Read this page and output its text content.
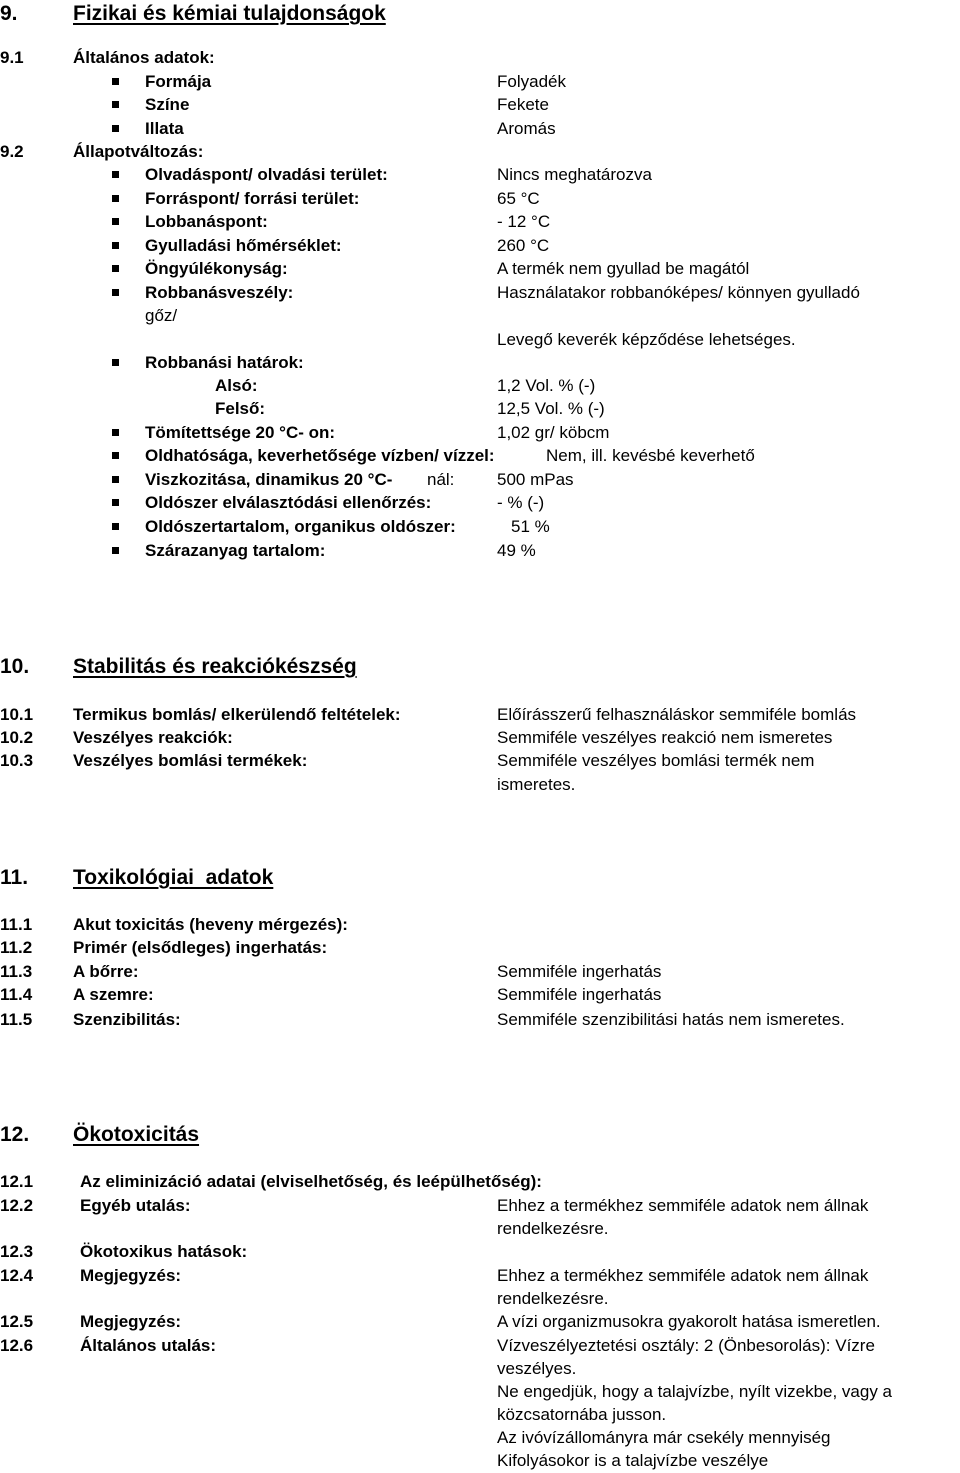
9.	Fizikai és kémiai tulajdonságok
9.1	Általános adatok:
Formája	Folyadék
Színe	Fekete
Illata	Aromás
9.2	Állapotváltozás:
Olvadáspont/ olvadási terület:	Nincs meghatározva
Forráspont/ forrási terület:	65 °C
Lobbanáspont:	- 12 °C
Gyulladási hőmérséklet:	260 °C
Öngyúlékonyság:	A termék nem gyullad be magától
Robbanásveszély:	Használatakor robbanóképes/ könnyen gyulladó
gőz/
Levegő keverék képződése lehetséges.
Robbanási határok:
Alsó:	1,2 Vol. % (-)
Felső:	12,5 Vol. % (-)
Tömítettsége 20 °C- on:	1,02 gr/ köbcm
Oldhatósága, keverhetősége vízben/ vízzel:	Nem, ill. kevésbé keverhető
Viszkozitása, dinamikus 20 °C- nál:	500 mPas
Oldószer elválasztódási ellenőrzés:	- % (-)
Oldószertartalom, organikus oldószer:	51 %
Szárazanyag tartalom:	49 %
10. Stabilitás és reakciókészség
10.1 Termikus bomlás/ elkerülendő feltételek:	Előírásszerű felhasználáskor semmiféle bomlás
10.2 Veszélyes reakciók:	Semmiféle veszélyes reakció nem ismeretes
10.3 Veszélyes bomlási termékek:	Semmiféle veszélyes bomlási termék nem
ismeretes.
11. Toxikológiai  adatok
11.1 Akut toxicitás (heveny mérgezés):
11.2 Primér (elsődleges) ingerhatás:
11.3 A bőrre:	Semmiféle ingerhatás
11.4 A szemre:	Semmiféle ingerhatás
11.5 Szenzibilitás:	Semmiféle szenzibilitási hatás nem ismeretes.
12. Ökotoxicitás
12.1	Az eliminizáció adatai (elviselhetőség, és leépülhetőség):
12.2	Egyéb utalás:	Ehhez a termékhez semmiféle adatok nem állnak
rendelkezésre.
12.3	Ökotoxikus hatások:
12.4	Megjegyzés:	Ehhez a termékhez semmiféle adatok nem állnak
rendelkezésre.
12.5	Megjegyzés:	A vízi organizmusokra gyakorolt hatása ismeretlen.
12.6	Általános utalás:	Vízveszélyeztetési osztály: 2 (Önbesorolás): Vízre
veszélyes.
Ne engedjük, hogy a talajvízbe, nyílt vizekbe, vagy a
közcsatornába jusson.
Az ivóvízállományra már csekély mennyiség
Kifolyásokor is a talajvízbe veszélye
